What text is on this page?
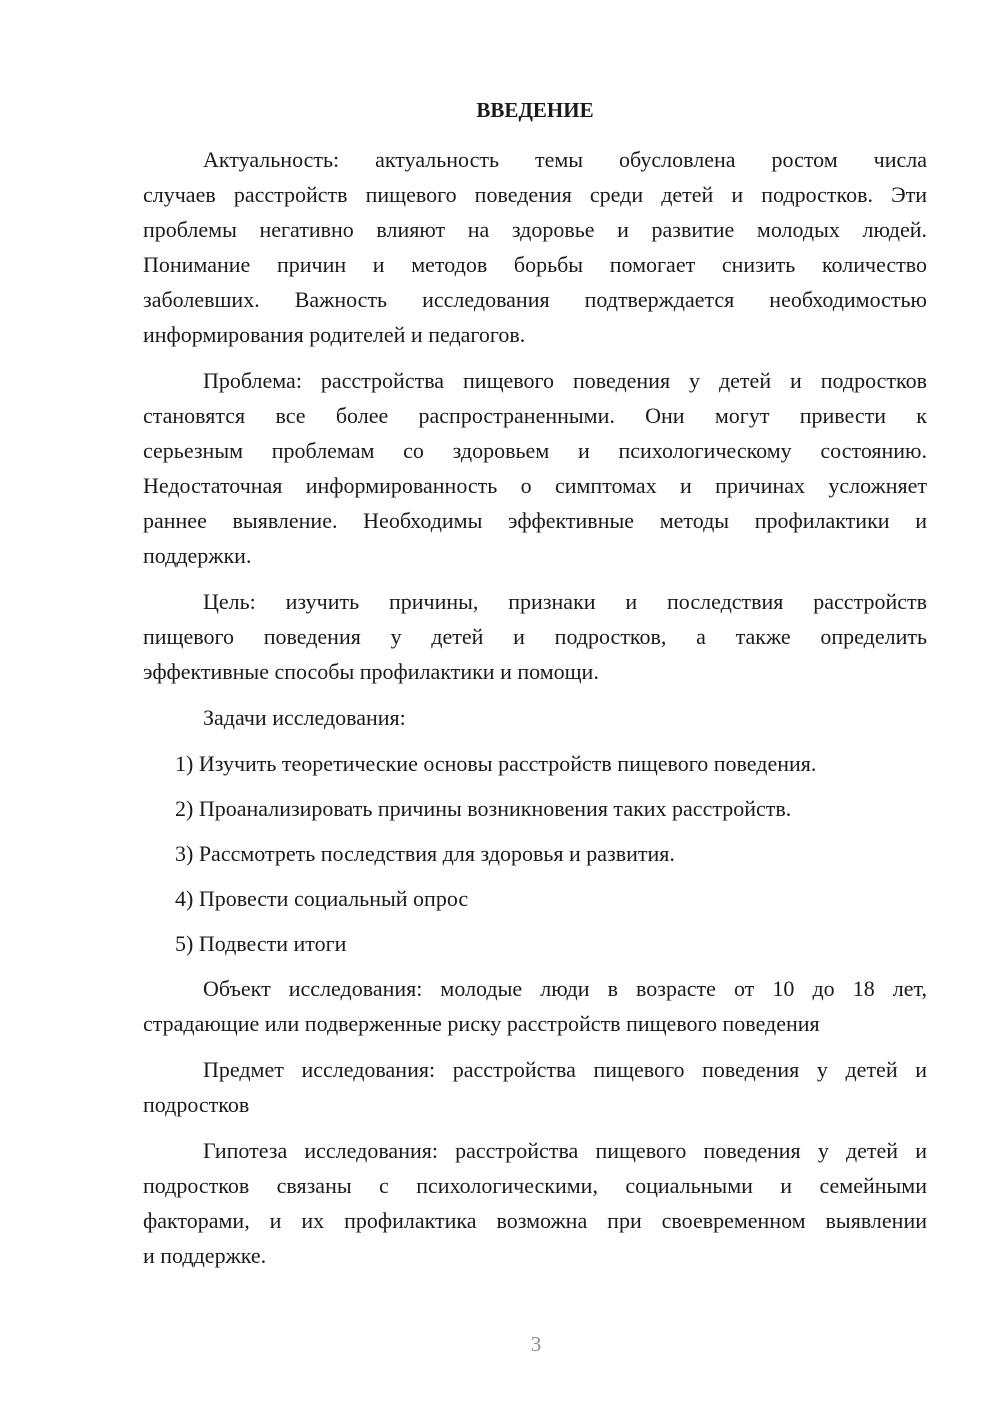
ВВЕДЕНИЕ
Актуальность: актуальность темы обусловлена ростом числа
случаев расстройств пищевого поведения среди детей и подростков. Эти
проблемы негативно влияют на здоровье и развитие молодых людей.
Понимание причин и методов борьбы помогает снизить количество
заболевших. Важность исследования подтверждается необходимостью
информирования родителей и педагогов.
Проблема: расстройства пищевого поведения у детей и подростков
становятся все более распространенными. Они могут привести к
серьезным проблемам со здоровьем и психологическому состоянию.
Недостаточная информированность о симптомах и причинах усложняет
раннее выявление. Необходимы эффективные методы профилактики и
поддержки.
Цель: изучить причины, признаки и последствия расстройств
пищевого поведения у детей и подростков, а также определить
эффективные способы профилактики и помощи.
Задачи исследования:
1) Изучить теоретические основы расстройств пищевого поведения.
2) Проанализировать причины возникновения таких расстройств.
3) Рассмотреть последствия для здоровья и развития.
4) Провести социальный опрос
5) Подвести итоги
Объект исследования: молодые люди в возрасте от 10 до 18 лет,
страдающие или подверженные риску расстройств пищевого поведения
Предмет исследования: расстройства пищевого поведения у детей и
подростков
Гипотеза исследования: расстройства пищевого поведения у детей и
подростков связаны с психологическими, социальными и семейными
факторами, и их профилактика возможна при своевременном выявлении
и поддержке.
3
